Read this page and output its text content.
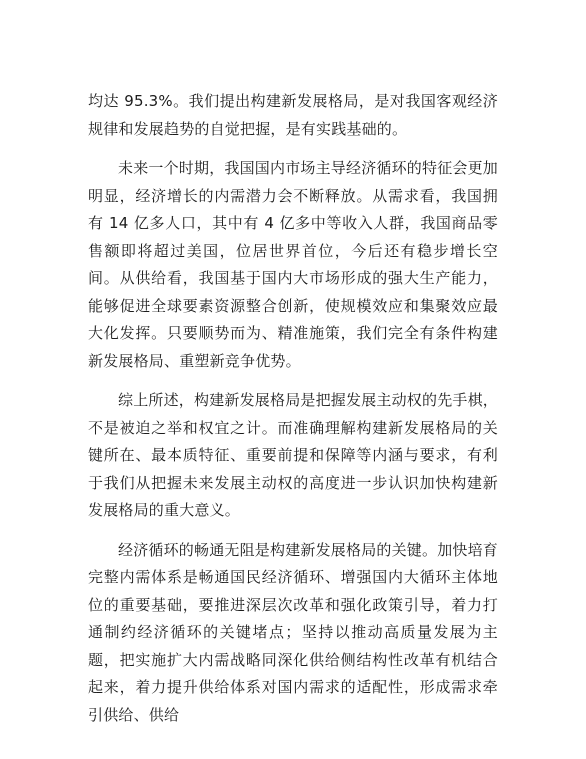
均达 95.3%。我们提出构建新发展格局，是对我国客观经济规律和发展趋势的自觉把握，是有实践基础的。

未来一个时期，我国国内市场主导经济循环的特征会更加明显，经济增长的内需潜力会不断释放。从需求看，我国拥有 14 亿多人口，其中有 4 亿多中等收入人群，我国商品零售额即将超过美国，位居世界首位，今后还有稳步增长空间。从供给看，我国基于国内大市场形成的强大生产能力，能够促进全球要素资源整合创新，使规模效应和集聚效应最大化发挥。只要顺势而为、精准施策，我们完全有条件构建新发展格局、重塑新竞争优势。

综上所述，构建新发展格局是把握发展主动权的先手棋，不是被迫之举和权宜之计。而准确理解构建新发展格局的关键所在、最本质特征、重要前提和保障等内涵与要求，有利于我们从把握未来发展主动权的高度进一步认识加快构建新发展格局的重大意义。

经济循环的畅通无阻是构建新发展格局的关键。加快培育完整内需体系是畅通国民经济循环、增强国内大循环主体地位的重要基础，要推进深层次改革和强化政策引导，着力打通制约经济循环的关键堵点；坚持以推动高质量发展为主题，把实施扩大内需战略同深化供给侧结构性改革有机结合起来，着力提升供给体系对国内需求的适配性，形成需求牵引供给、供给
